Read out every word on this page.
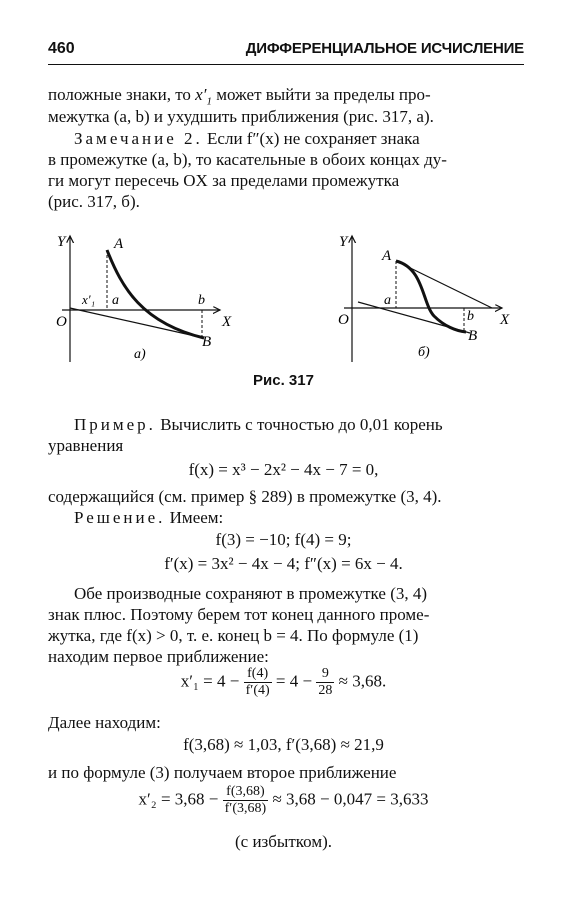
460	ДИФФЕРЕНЦИАЛЬНОЕ ИСЧИСЛЕНИЕ
положные знаки, то $x'_1$ может выйти за пределы про-
межутка (a, b) и ухудшить приближения (рис. 317, a).
Замечание 2. Если f″(x) не сохраняет знака
в промежутке (a, b), то касательные в обоих концах ду-
ги могут пересечь OX за пределами промежутка
(рис. 317, б).
Y
X
O
A
B
a	b
x′₁
а)
Y
X
O
A
B
a
b
б)
Рис. 317
Пример. Вычислить с точностью до 0,01 корень
уравнения
f(x) = x³ − 2x² − 4x − 7 = 0,
содержащийся (см. пример § 289) в промежутке (3, 4).
Решение. Имеем:
f(3) = −10; f(4) = 9;
f′(x) = 3x² − 4x − 4; f″(x) = 6x − 4.
Обе производные сохраняют в промежутке (3, 4)
знак плюс. Поэтому берем тот конец данного проме-
жутка, где f(x) > 0, т. е. конец b = 4. По формуле (1)
находим первое приближение:
$x'_1 = 4 - \frac{f(4)}{f'(4)} = 4 - \frac{9}{28} \approx 3,68$.
Далее находим:
f(3,68) ≈ 1,03, f′(3,68) ≈ 21,9
и по формуле (3) получаем второе приближение
$x'_2 = 3,68 - \frac{f(3,68)}{f'(3,68)} \approx 3,68 - 0,047 = 3,633$
(с избытком).
